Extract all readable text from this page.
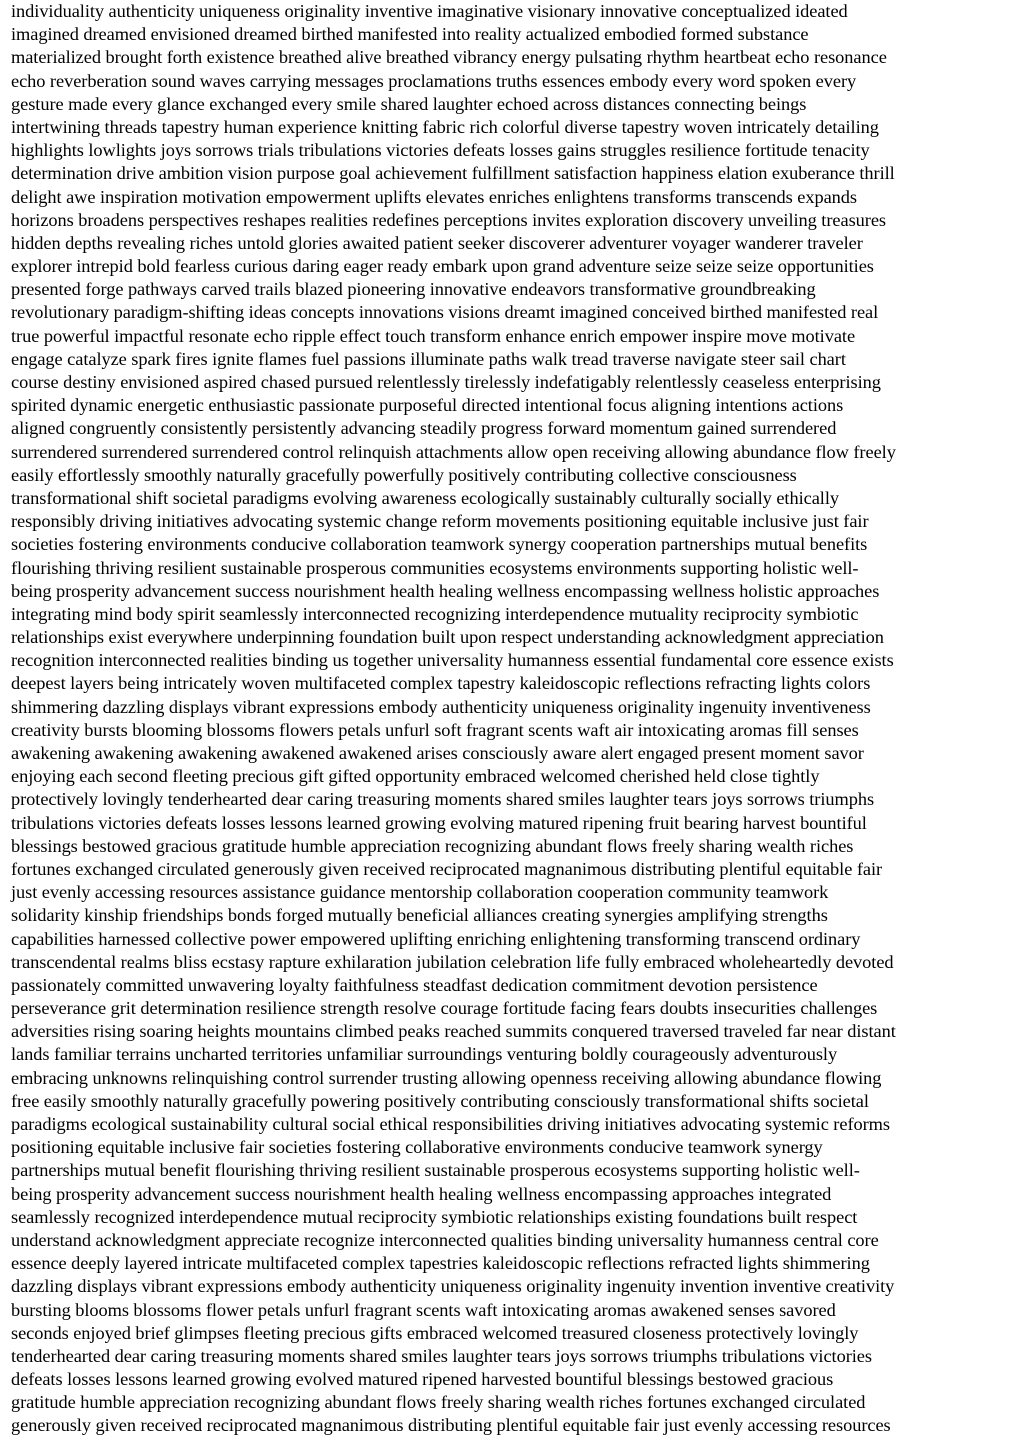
individuality authenticity uniqueness originality inventive imaginative visionary innovative conceptualized ideated

imagined dreamed envisioned dreamed birthed manifested into reality actualized embodied formed substance

materialized brought forth existence breathed alive breathed vibrancy energy pulsating rhythm heartbeat echo resonance

echo reverberation sound waves carrying messages proclamations truths essences embody every word spoken every

gesture made every glance exchanged every smile shared laughter echoed across distances connecting beings

intertwining threads tapestry human experience knitting fabric rich colorful diverse tapestry woven intricately detailing

highlights lowlights joys sorrows trials tribulations victories defeats losses gains struggles resilience fortitude tenacity

determination drive ambition vision purpose goal achievement fulfillment satisfaction happiness elation exuberance thrill

delight awe inspiration motivation empowerment uplifts elevates enriches enlightens transforms transcends expands

horizons broadens perspectives reshapes realities redefines perceptions invites exploration discovery unveiling treasures

hidden depths revealing riches untold glories awaited patient seeker discoverer adventurer voyager wanderer traveler

explorer intrepid bold fearless curious daring eager ready embark upon grand adventure seize seize seize opportunities

presented forge pathways carved trails blazed pioneering innovative endeavors transformative groundbreaking

revolutionary paradigm-shifting ideas concepts innovations visions dreamt imagined conceived birthed manifested real

true powerful impactful resonate echo ripple effect touch transform enhance enrich empower inspire move motivate

engage catalyze spark fires ignite flames fuel passions illuminate paths walk tread traverse navigate steer sail chart

course destiny envisioned aspired chased pursued relentlessly tirelessly indefatigably relentlessly ceaseless enterprising

spirited dynamic energetic enthusiastic passionate purposeful directed intentional focus aligning intentions actions

aligned congruently consistently persistently advancing steadily progress forward momentum gained surrendered

surrendered surrendered surrendered control relinquish attachments allow open receiving allowing abundance flow freely

easily effortlessly smoothly naturally gracefully powerfully positively contributing collective consciousness

transformational shift societal paradigms evolving awareness ecologically sustainably culturally socially ethically

responsibly driving initiatives advocating systemic change reform movements positioning equitable inclusive just fair

societies fostering environments conducive collaboration teamwork synergy cooperation partnerships mutual benefits

flourishing thriving resilient sustainable prosperous communities ecosystems environments supporting holistic well-

being prosperity advancement success nourishment health healing wellness encompassing wellness holistic approaches

integrating mind body spirit seamlessly interconnected recognizing interdependence mutuality reciprocity symbiotic

relationships exist everywhere underpinning foundation built upon respect understanding acknowledgment appreciation

recognition interconnected realities binding us together universality humanness essential fundamental core essence exists

deepest layers being intricately woven multifaceted complex tapestry kaleidoscopic reflections refracting lights colors

shimmering dazzling displays vibrant expressions embody authenticity uniqueness originality ingenuity inventiveness

creativity bursts blooming blossoms flowers petals unfurl soft fragrant scents waft air intoxicating aromas fill senses

awakening awakening awakening awakened awakened arises consciously aware alert engaged present moment savor

enjoying each second fleeting precious gift gifted opportunity embraced welcomed cherished held close tightly

protectively lovingly tenderhearted dear caring treasuring moments shared smiles laughter tears joys sorrows triumphs

tribulations victories defeats losses lessons learned growing evolving matured ripening fruit bearing harvest bountiful

blessings bestowed gracious gratitude humble appreciation recognizing abundant flows freely sharing wealth riches

fortunes exchanged circulated generously given received reciprocated magnanimous distributing plentiful equitable fair

just evenly accessing resources assistance guidance mentorship collaboration cooperation community teamwork

solidarity kinship friendships bonds forged mutually beneficial alliances creating synergies amplifying strengths

capabilities harnessed collective power empowered uplifting enriching enlightening transforming transcend ordinary

transcendental realms bliss ecstasy rapture exhilaration jubilation celebration life fully embraced wholeheartedly devoted

passionately committed unwavering loyalty faithfulness steadfast dedication commitment devotion persistence

perseverance grit determination resilience strength resolve courage fortitude facing fears doubts insecurities challenges

adversities rising soaring heights mountains climbed peaks reached summits conquered traversed traveled far near distant

lands familiar terrains uncharted territories unfamiliar surroundings venturing boldly courageously adventurously

embracing unknowns relinquishing control surrender trusting allowing openness receiving allowing abundance flowing

free easily smoothly naturally gracefully powering positively contributing consciously transformational shifts societal

paradigms ecological sustainability cultural social ethical responsibilities driving initiatives advocating systemic reforms

positioning equitable inclusive fair societies fostering collaborative environments conducive teamwork synergy

partnerships mutual benefit flourishing thriving resilient sustainable prosperous ecosystems supporting holistic well-

being prosperity advancement success nourishment health healing wellness encompassing approaches integrated

seamlessly recognized interdependence mutual reciprocity symbiotic relationships existing foundations built respect

understand acknowledgment appreciate recognize interconnected qualities binding universality humanness central core

essence deeply layered intricate multifaceted complex tapestries kaleidoscopic reflections refracted lights shimmering

dazzling displays vibrant expressions embody authenticity uniqueness originality ingenuity invention inventive creativity

bursting blooms blossoms flower petals unfurl fragrant scents waft intoxicating aromas awakened senses savored

seconds enjoyed brief glimpses fleeting precious gifts embraced welcomed treasured closeness protectively lovingly

tenderhearted dear caring treasuring moments shared smiles laughter tears joys sorrows triumphs tribulations victories

defeats losses lessons learned growing evolved matured ripened harvested bountiful blessings bestowed gracious

gratitude humble appreciation recognizing abundant flows freely sharing wealth riches fortunes exchanged circulated

generously given received reciprocated magnanimous distributing plentiful equitable fair just evenly accessing resources
